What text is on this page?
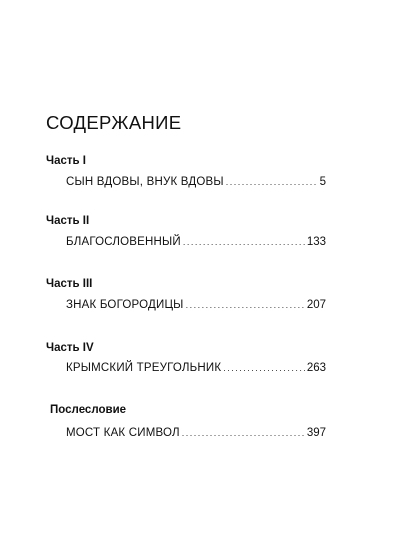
СОДЕРЖАНИЕ
Часть I
СЫН ВДОВЫ, ВНУК ВДОВЫ . . .	5
Часть II
БЛАГОСЛОВЕННЫЙ . . .	133
Часть III
ЗНАК БОГОРОДИЦЫ . . .	207
Часть IV
КРЫМСКИЙ ТРЕУГОЛЬНИК . . .	263
Послесловие
МОСТ КАК СИМВОЛ . . .	397
